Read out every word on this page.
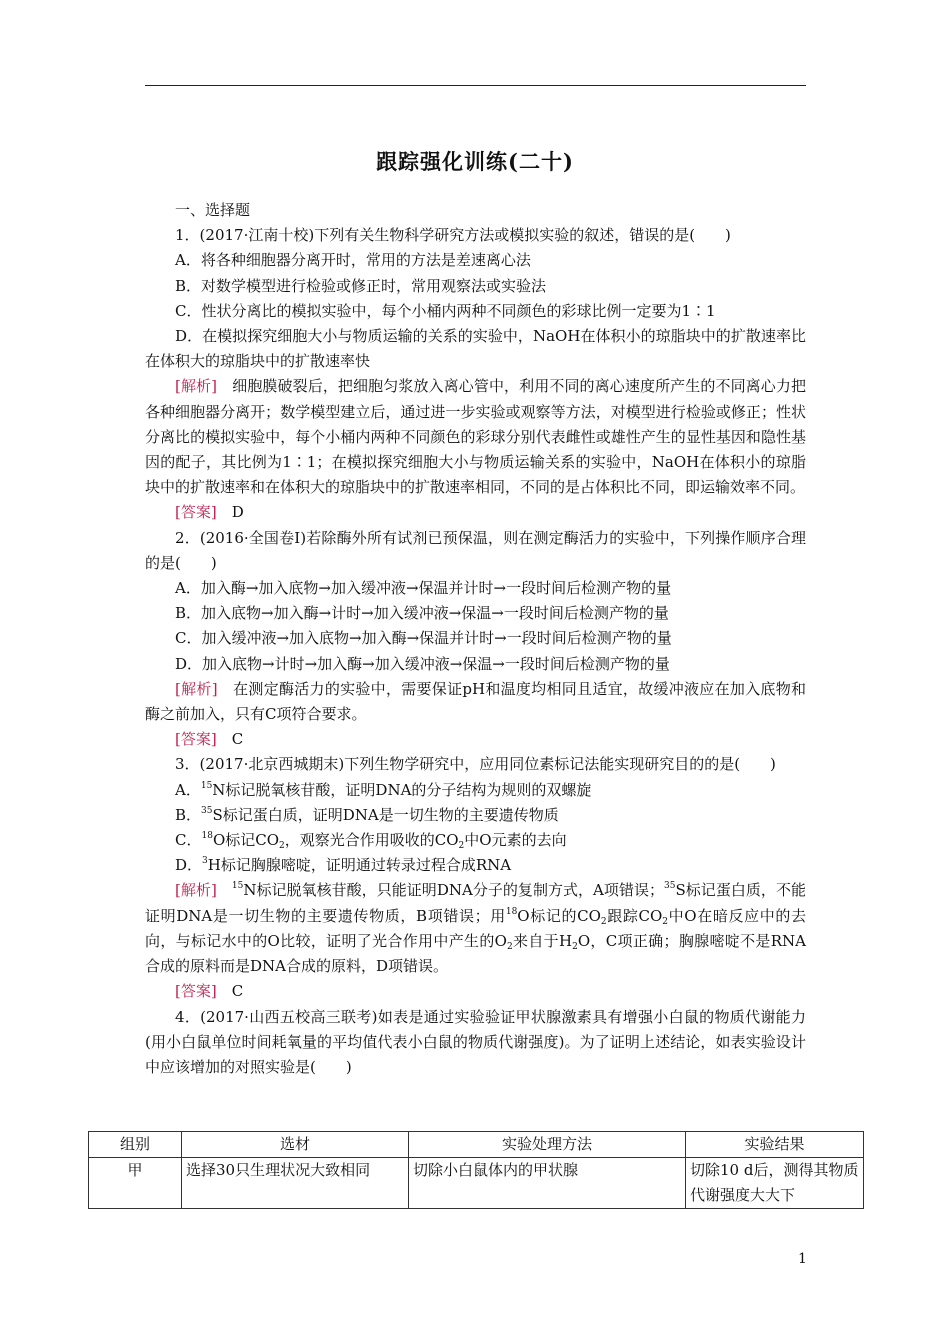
跟踪强化训练(二十)

一、选择题

1．(2017·江南十校)下列有关生物科学研究方法或模拟实验的叙述，错误的是(　　)

A．将各种细胞器分离开时，常用的方法是差速离心法

B．对数学模型进行检验或修正时，常用观察法或实验法

C．性状分离比的模拟实验中，每个小桶内两种不同颜色的彩球比例一定要为1∶1

D．在模拟探究细胞大小与物质运输的关系的实验中，NaOH在体积小的琼脂块中的扩散速率比在体积大的琼脂块中的扩散速率快

[解析]　细胞膜破裂后，把细胞匀浆放入离心管中，利用不同的离心速度所产生的不同离心力把各种细胞器分离开；数学模型建立后，通过进一步实验或观察等方法，对模型进行检验或修正；性状分离比的模拟实验中，每个小桶内两种不同颜色的彩球分别代表雌性或雄性产生的显性基因和隐性基因的配子，其比例为1∶1；在模拟探究细胞大小与物质运输关系的实验中，NaOH在体积小的琼脂块中的扩散速率和在体积大的琼脂块中的扩散速率相同，不同的是占体积比不同，即运输效率不同。

[答案]　D

2．(2016·全国卷Ⅰ)若除酶外所有试剂已预保温，则在测定酶活力的实验中，下列操作顺序合理的是(　　)

A．加入酶→加入底物→加入缓冲液→保温并计时→一段时间后检测产物的量

B．加入底物→加入酶→计时→加入缓冲液→保温→一段时间后检测产物的量

C．加入缓冲液→加入底物→加入酶→保温并计时→一段时间后检测产物的量

D．加入底物→计时→加入酶→加入缓冲液→保温→一段时间后检测产物的量

[解析]　在测定酶活力的实验中，需要保证pH和温度均相同且适宜，故缓冲液应在加入底物和酶之前加入，只有C项符合要求。

[答案]　C

3．(2017·北京西城期末)下列生物学研究中，应用同位素标记法能实现研究目的的是(　　)

A．$^{15}$N标记脱氧核苷酸，证明DNA的分子结构为规则的双螺旋

B．$^{35}$S标记蛋白质，证明DNA是一切生物的主要遗传物质

C．$^{18}$O标记$CO_2$，观察光合作用吸收的$CO_2$中O元素的去向

D．$^3$H标记胸腺嘧啶，证明通过转录过程合成RNA

[解析]　 $^{15}$N标记脱氧核苷酸，只能证明DNA分子的复制方式，A项错误；$^{35}$S标记蛋白质，不能证明DNA是一切生物的主要遗传物质，B项错误；用$^{18}$O标记的$CO_2$跟踪$CO_2$中O在暗反应中的去向，与标记水中的O比较，证明了光合作用中产生的$O_2$来自于$H_2O$，C项正确；胸腺嘧啶不是RNA合成的原料而是DNA合成的原料，D项错误。

[答案]　C

4．(2017·山西五校高三联考)如表是通过实验验证甲状腺激素具有增强小白鼠的物质代谢能力(用小白鼠单位时间耗氧量的平均值代表小白鼠的物质代谢强度)。为了证明上述结论，如表实验设计中应该增加的对照实验是(　　)

组别	选材	实验处理方法	实验结果
甲	选择30只生理状况大致相同	切除小白鼠体内的甲状腺	切除10 d后，测得其物质代谢强度大大下
1
